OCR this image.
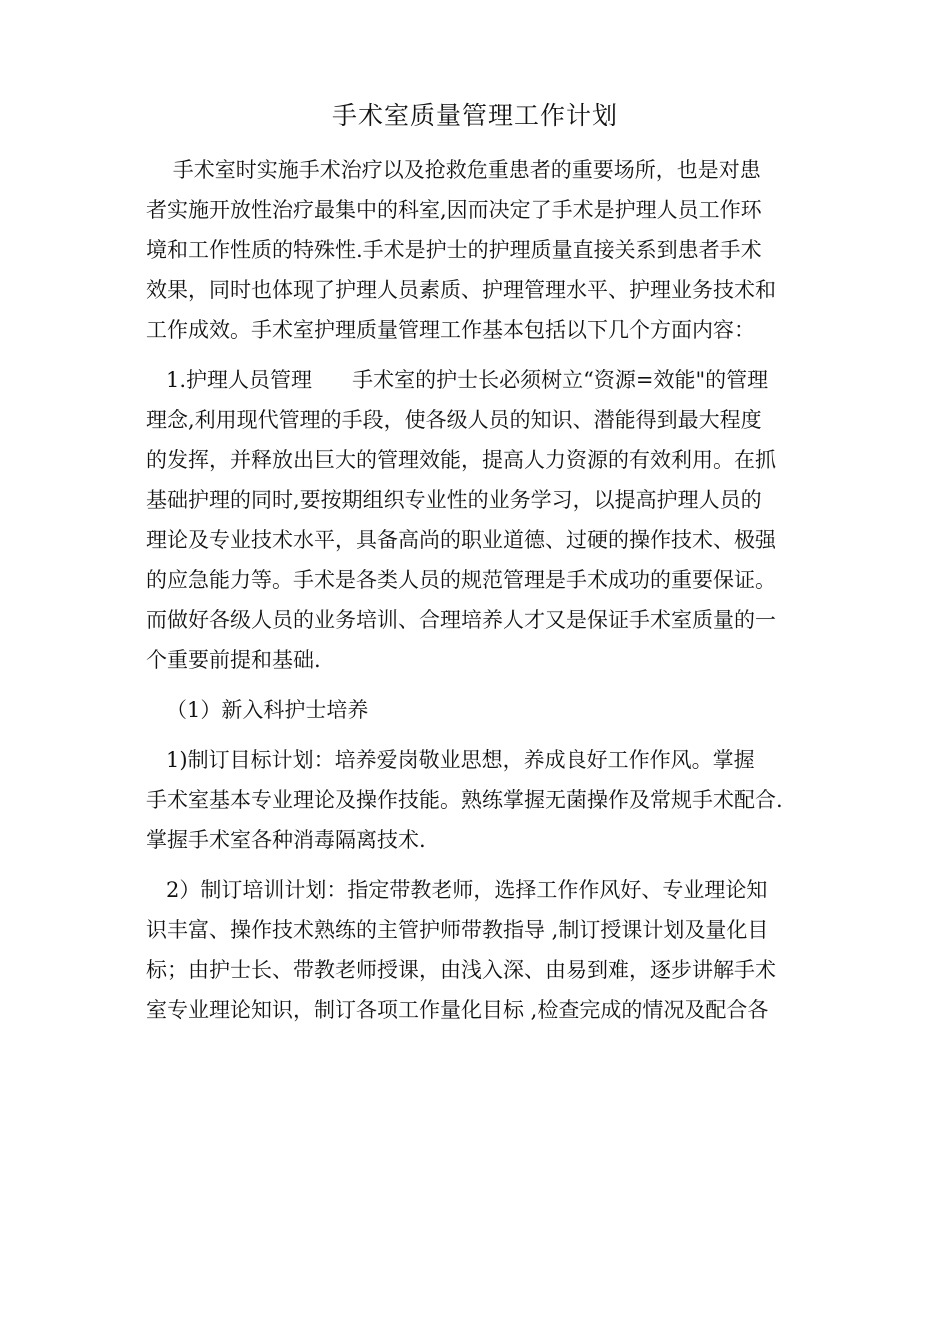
手术室质量管理工作计划
手术室时实施手术治疗以及抢救危重患者的重要场所，也是对患
者实施开放性治疗最集中的科室,因而决定了手术是护理人员工作环
境和工作性质的特殊性.手术是护士的护理质量直接关系到患者手术
效果，同时也体现了护理人员素质、护理管理水平、护理业务技术和
工作成效。手术室护理质量管理工作基本包括以下几个方面内容：
1.护理人员管理      手术室的护士长必须树立“资源=效能"的管理
理念,利用现代管理的手段，使各级人员的知识、潜能得到最大程度
的发挥，并释放出巨大的管理效能，提高人力资源的有效利用。在抓
基础护理的同时,要按期组织专业性的业务学习，以提高护理人员的
理论及专业技术水平，具备高尚的职业道德、过硬的操作技术、极强
的应急能力等。手术是各类人员的规范管理是手术成功的重要保证。
而做好各级人员的业务培训、合理培养人才又是保证手术室质量的一
个重要前提和基础.
（1）新入科护士培养
1)制订目标计划：培养爱岗敬业思想，养成良好工作作风。掌握
手术室基本专业理论及操作技能。熟练掌握无菌操作及常规手术配合.
掌握手术室各种消毒隔离技术.
2）制订培训计划：指定带教老师，选择工作作风好、专业理论知
识丰富、操作技术熟练的主管护师带教指导 ,制订授课计划及量化目
标；由护士长、带教老师授课，由浅入深、由易到难，逐步讲解手术
室专业理论知识，制订各项工作量化目标 ,检查完成的情况及配合各
